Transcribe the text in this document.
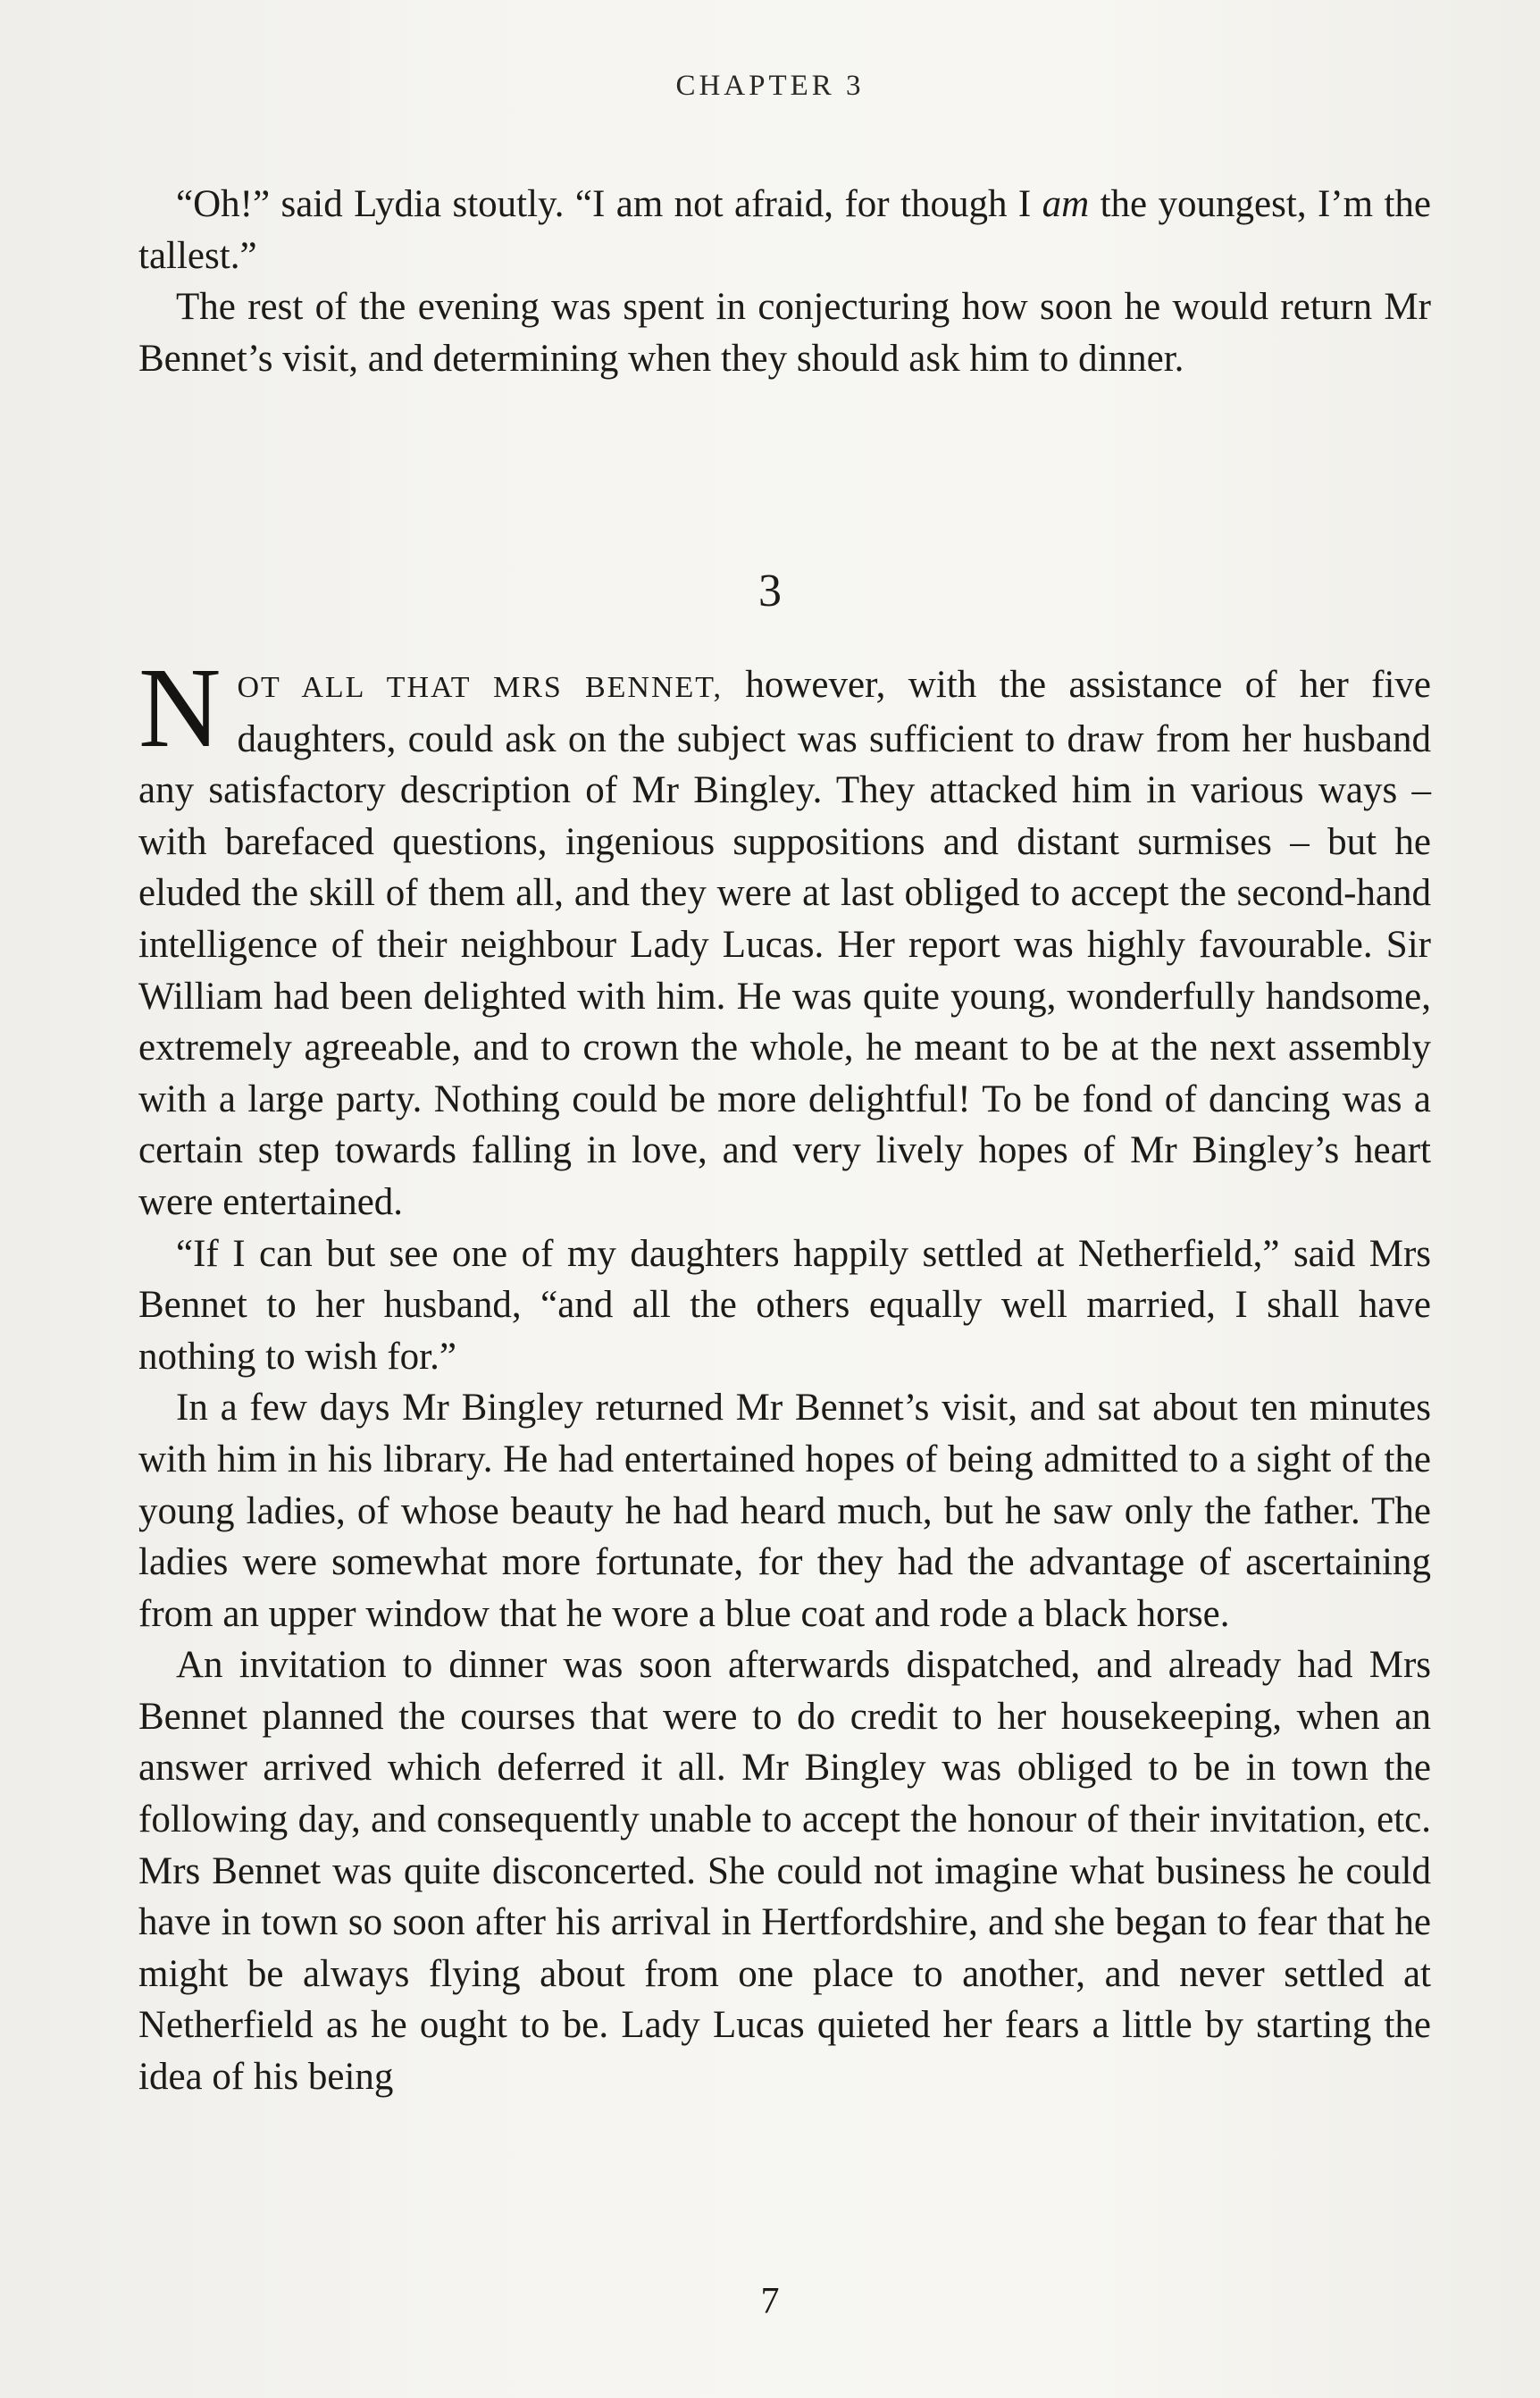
CHAPTER 3

“Oh!” said Lydia stoutly. “I am not afraid, for though I am the youngest, I’m the tallest.”

The rest of the evening was spent in conjecturing how soon he would return Mr Bennet’s visit, and determining when they should ask him to dinner.

3

NOT ALL THAT MRS BENNET, however, with the assistance of her five daughters, could ask on the subject was sufficient to draw from her husband any satisfactory description of Mr Bingley. They attacked him in various ways – with barefaced questions, ingenious suppositions and distant surmises – but he eluded the skill of them all, and they were at last obliged to accept the second-hand intelligence of their neighbour Lady Lucas. Her report was highly favourable. Sir William had been delighted with him. He was quite young, wonderfully handsome, extremely agreeable, and to crown the whole, he meant to be at the next assembly with a large party. Nothing could be more delightful! To be fond of dancing was a certain step towards falling in love, and very lively hopes of Mr Bingley’s heart were entertained.

“If I can but see one of my daughters happily settled at Netherfield,” said Mrs Bennet to her husband, “and all the others equally well married, I shall have nothing to wish for.”

In a few days Mr Bingley returned Mr Bennet’s visit, and sat about ten minutes with him in his library. He had entertained hopes of being admitted to a sight of the young ladies, of whose beauty he had heard much, but he saw only the father. The ladies were somewhat more fortunate, for they had the advantage of ascertaining from an upper window that he wore a blue coat and rode a black horse.

An invitation to dinner was soon afterwards dispatched, and already had Mrs Bennet planned the courses that were to do credit to her housekeeping, when an answer arrived which deferred it all. Mr Bingley was obliged to be in town the following day, and consequently unable to accept the honour of their invitation, etc. Mrs Bennet was quite disconcerted. She could not imagine what business he could have in town so soon after his arrival in Hertfordshire, and she began to fear that he might be always flying about from one place to another, and never settled at Netherfield as he ought to be. Lady Lucas quieted her fears a little by starting the idea of his being

7
